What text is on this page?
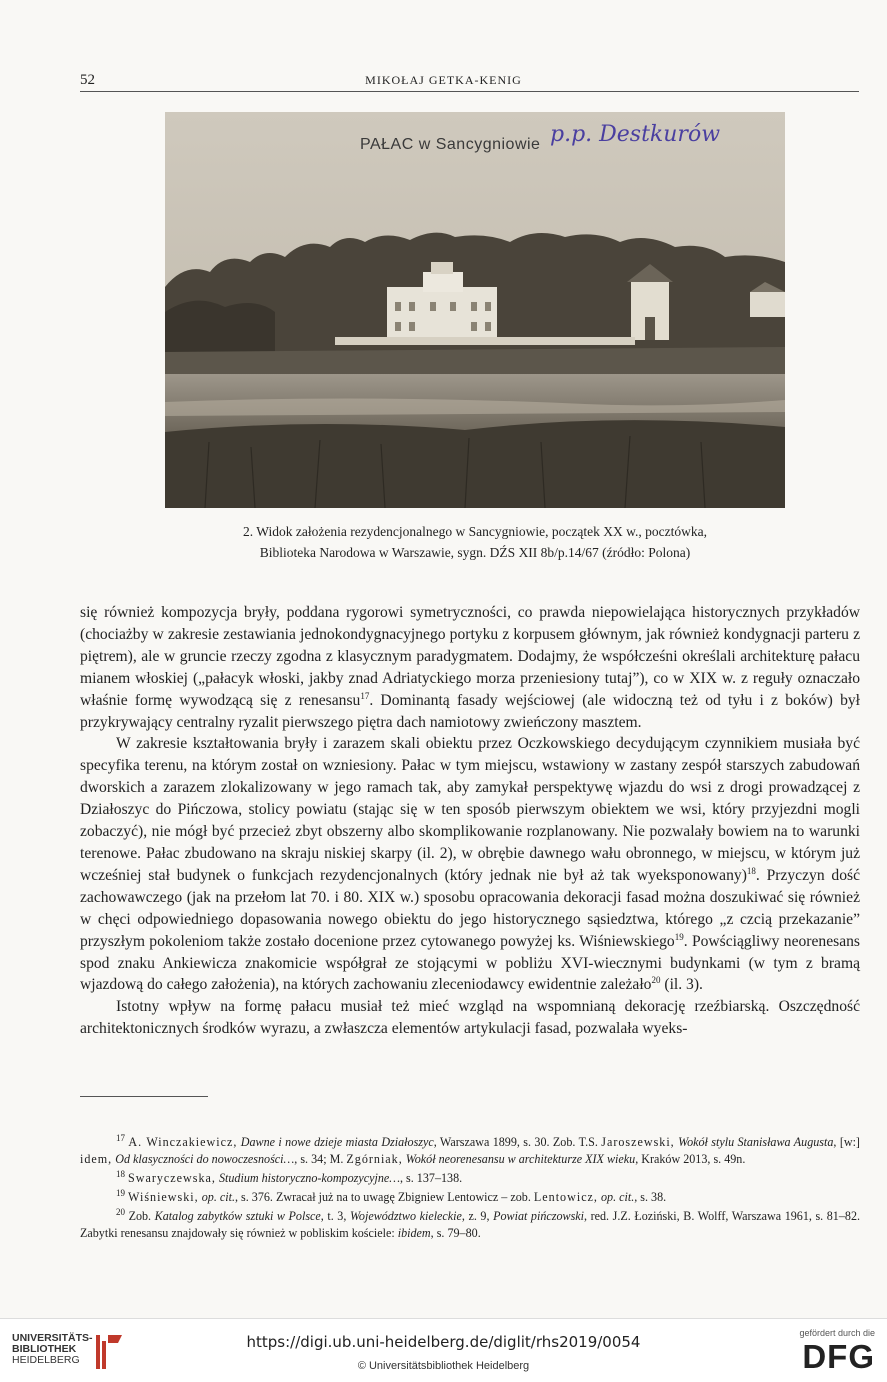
52	MIKOŁAJ GETKA-KENIG
PAŁAC w Sancygniowie p.p. Destkurów
2. Widok założenia rezydencjonalnego w Sancygniowie, początek XX w., pocztówka,
Biblioteka Narodowa w Warszawie, sygn. DŹS XII 8b/p.14/67 (źródło: Polona)

się również kompozycja bryły, poddana rygorowi symetryczności, co prawda niepowielająca historycznych przykładów (chociażby w zakresie zestawiania jednokondygnacyjnego portyku z korpusem głównym, jak również kondygnacji parteru z piętrem), ale w gruncie rzeczy zgodna z klasycznym paradygmatem. Dodajmy, że współcześni określali architekturę pałacu mianem włoskiej („pałacyk włoski, jakby znad Adriatyckiego morza przeniesiony tutaj”), co w XIX w. z reguły oznaczało właśnie formę wywodzącą się z renesansu$^{17}$. Dominantą fasady wejściowej (ale widoczną też od tyłu i z boków) był przykrywający centralny ryzalit pierwszego piętra dach namiotowy zwieńczony masztem.

W zakresie kształtowania bryły i zarazem skali obiektu przez Oczkowskiego decydującym czynnikiem musiała być specyfika terenu, na którym został on wzniesiony. Pałac w tym miejscu, wstawiony w zastany zespół starszych zabudowań dworskich a zarazem zlokalizowany w jego ramach tak, aby zamykał perspektywę wjazdu do wsi z drogi prowadzącej z Działoszyc do Pińczowa, stolicy powiatu (stając się w ten sposób pierwszym obiektem we wsi, który przyjezdni mogli zobaczyć), nie mógł być przecież zbyt obszerny albo skomplikowanie rozplanowany. Nie pozwalały bowiem na to warunki terenowe. Pałac zbudowano na skraju niskiej skarpy (il. 2), w obrębie dawnego wału obronnego, w miejscu, w którym już wcześniej stał budynek o funkcjach rezydencjonalnych (który jednak nie był aż tak wyeksponowany)$^{18}$. Przyczyn dość zachowawczego (jak na przełom lat 70. i 80. XIX w.) sposobu opracowania dekoracji fasad można doszukiwać się również w chęci odpowiedniego dopasowania nowego obiektu do jego historycznego sąsiedztwa, którego „z czcią przekazanie” przyszłym pokoleniom także zostało docenione przez cytowanego powyżej ks. Wiśniewskiego$^{19}$. Powściągliwy neorenesans spod znaku Ankiewicza znakomicie współgrał ze stojącymi w pobliżu XVI-wiecznymi budynkami (w tym z bramą wjazdową do całego założenia), na których zachowaniu zleceniodawcy ewidentnie zależało$^{20}$ (il. 3).

Istotny wpływ na formę pałacu musiał też mieć wzgląd na wspomnianą dekorację rzeźbiarską. Oszczędność architektonicznych środków wyrazu, a zwłaszcza elementów artykulacji fasad, pozwalała wyeks-

$^{17}$ A. Winczakiewicz, Dawne i nowe dzieje miasta Działoszyc, Warszawa 1899, s. 30. Zob. T.S. Jaroszewski, Wokół stylu Stanisława Augusta, [w:] idem, Od klasyczności do nowoczesności…, s. 34; M. Zgórniak, Wokół neorenesansu w architekturze XIX wieku, Kraków 2013, s. 49n.

$^{18}$ Swaryczewska, Studium historyczno-kompozycyjne…, s. 137–138.

$^{19}$ Wiśniewski, op. cit., s. 376. Zwracał już na to uwagę Zbigniew Lentowicz – zob. Lentowicz, op. cit., s. 38.

$^{20}$ Zob. Katalog zabytków sztuki w Polsce, t. 3, Województwo kieleckie, z. 9, Powiat pińczowski, red. J.Z. Łoziński, B. Wolff, Warszawa 1961, s. 81–82. Zabytki renesansu znajdowały się również w pobliskim kościele: ibidem, s. 79–80.

UNIVERSITÄTS-
BIBLIOTHEK
HEIDELBERG
https://digi.ub.uni-heidelberg.de/diglit/rhs2019/0054
© Universitätsbibliothek Heidelberg
gefördert durch die
DFG
